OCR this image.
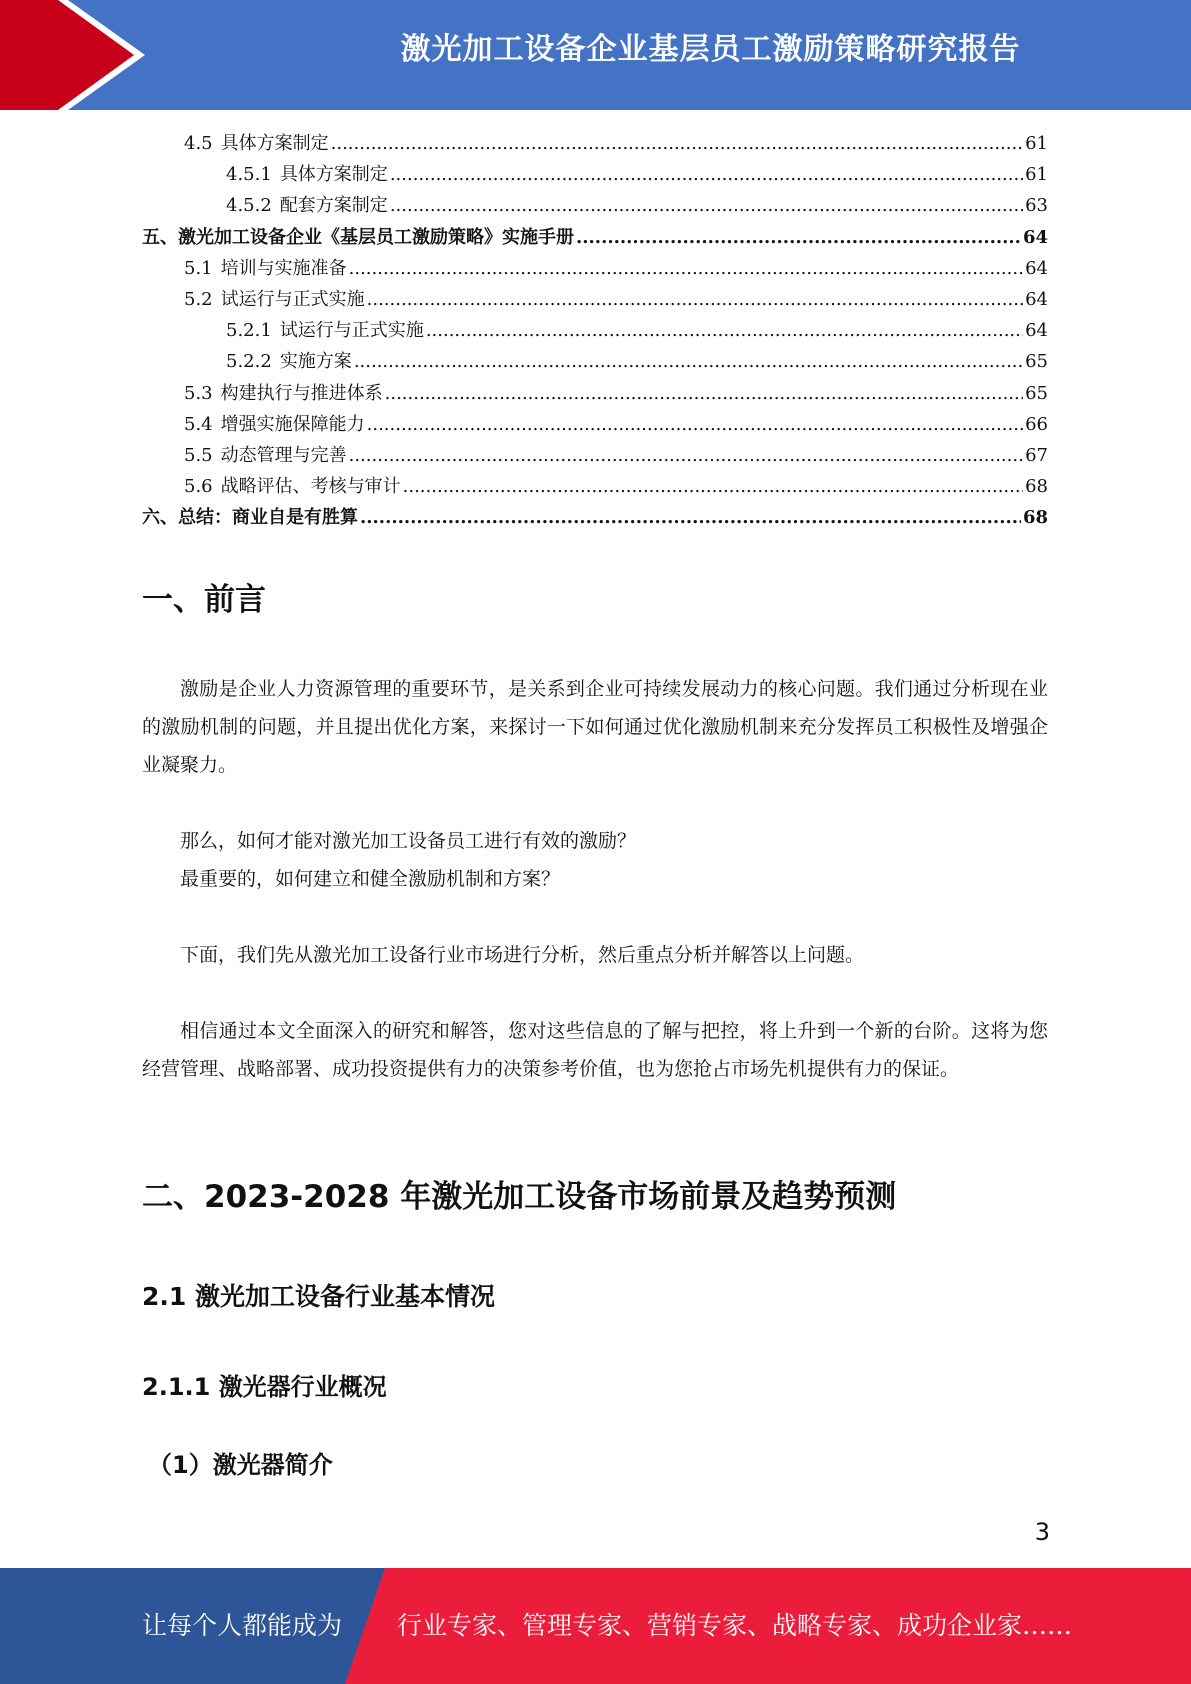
激光加工设备企业基层员工激励策略研究报告
4.5 具体方案制定 .....	61
4.5.1 具体方案制定 .....	61
4.5.2 配套方案制定 .....	63
五、激光加工设备企业《基层员工激励策略》实施手册 .....	64
5.1 培训与实施准备 .....	64
5.2 试运行与正式实施 .....	64
5.2.1 试运行与正式实施 .....	64
5.2.2 实施方案 .....	65
5.3 构建执行与推进体系 .....	65
5.4 增强实施保障能力 .....	66
5.5 动态管理与完善 .....	67
5.6 战略评估、考核与审计 .....	68
六、总结：商业自是有胜算 .....	68
一、前言

激励是企业人力资源管理的重要环节，是关系到企业可持续发展动力的核心问题。我们通过分析现在业的激励机制的问题，并且提出优化方案，来探讨一下如何通过优化激励机制来充分发挥员工积极性及增强企业凝聚力。

那么，如何才能对激光加工设备员工进行有效的激励？

最重要的，如何建立和健全激励机制和方案？

下面，我们先从激光加工设备行业市场进行分析，然后重点分析并解答以上问题。

相信通过本文全面深入的研究和解答，您对这些信息的了解与把控，将上升到一个新的台阶。这将为您经营管理、战略部署、成功投资提供有力的决策参考价值，也为您抢占市场先机提供有力的保证。

二、2023-2028 年激光加工设备市场前景及趋势预测
2.1 激光加工设备行业基本情况
2.1.1 激光器行业概况
（1）激光器简介
3
让每个人都能成为 行业专家、管理专家、营销专家、战略专家、成功企业家……
